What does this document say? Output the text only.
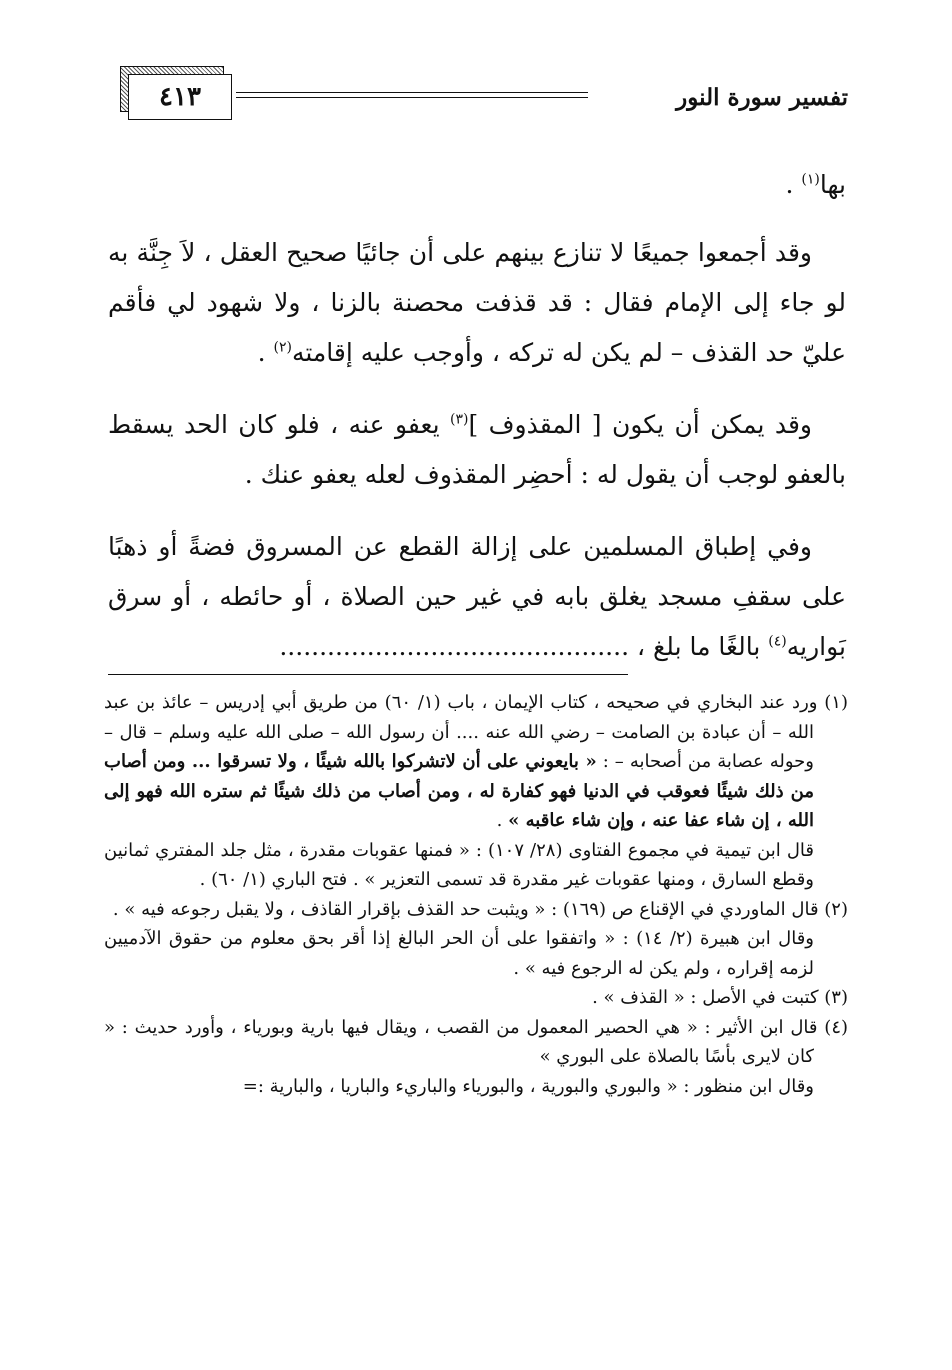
٤١٣	تفسير سورة النور

بها$^{(١)}$ .

وقد أجمعوا جميعًا لا تنازع بينهم على أن جائيًا صحيح العقل ، لاَ جِنَّة به لو جاء إلى الإمام فقال : قد قذفت محصنة بالزنا ، ولا شهود لي فأقم عليّ حد القذف – لم يكن له تركه ، وأوجب عليه إقامته$^{(٢)}$ .

وقد يمكن أن يكون [ المقذوف ]$^{(٣)}$ يعفو عنه ، فلو كان الحد يسقط بالعفو لوجب أن يقول له : أحضِر المقذوف لعله يعفو عنك .

وفي إطباق المسلمين على إزالة القطع عن المسروق فضةً أو ذهبًا على سقفِ مسجد يغلق بابه في غير حين الصلاة ، أو حائطه ، أو سرق بَواريه$^{(٤)}$ بالغًا ما بلغ ، ............................................

(١) ورد عند البخاري في صحيحه ، كتاب الإيمان ، باب (١/ ٦٠) من طريق أبي إدريس – عائذ بن عبد الله – أن عبادة بن الصامت – رضي الله عنه .... أن رسول الله – صلى الله عليه وسلم – قال – وحوله عصابة من أصحابه – : « بايعوني على أن لاتشركوا بالله شيئًا ، ولا تسرقوا ... ومن أصاب من ذلك شيئًا فعوقب في الدنيا فهو كفارة له ، ومن أصاب من ذلك شيئًا ثم ستره الله فهو إلى الله ، إن شاء عفا عنه ، وإن شاء عاقبه » .

قال ابن تيمية في مجموع الفتاوى (٢٨/ ١٠٧) : « فمنها عقوبات مقدرة ، مثل جلد المفتري ثمانين وقطع السارق ، ومنها عقوبات غير مقدرة قد تسمى التعزير » . فتح الباري (١/ ٦٠) .

(٢) قال الماوردي في الإقناع ص (١٦٩) : « ويثبت حد القذف بإقرار القاذف ، ولا يقبل رجوعه فيه » .

وقال ابن هبيرة (٢/ ١٤) : « واتفقوا على أن الحر البالغ إذا أقر بحق معلوم من حقوق الآدميين لزمه إقراره ، ولم يكن له الرجوع فيه » .

(٣) كتبت في الأصل : « القذف » .

(٤) قال ابن الأثير : « هي الحصير المعمول من القصب ، ويقال فيها بارية وبورياء ، وأورد حديث : « كان لايرى بأسًا بالصلاة على البوري »

وقال ابن منظور : « والبوري والبورية ، والبورياء والباريء والباريا ، والبارية :=
